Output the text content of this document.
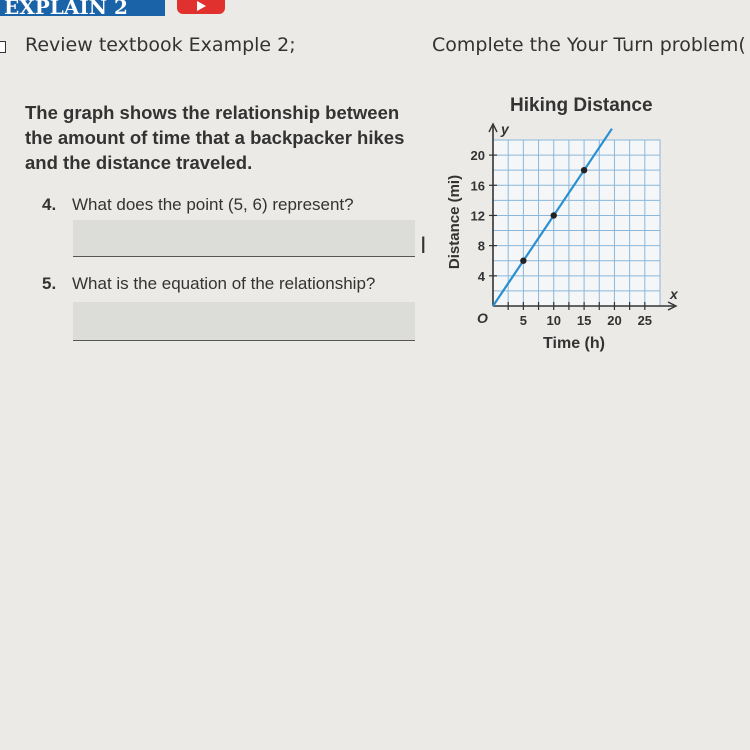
EXPLAIN 2
Review textbook Example 2;	Complete the Your Turn problem(
The graph shows the relationship between the amount of time that a backpacker hikes and the distance traveled.
4. What does the point (5, 6) represent?
I
5. What is the equation of the relationship?
Hiking Distance
y
x
O
4
8
12
16
20
5 10 15 20 25
Distance (mi)
Time (h)
